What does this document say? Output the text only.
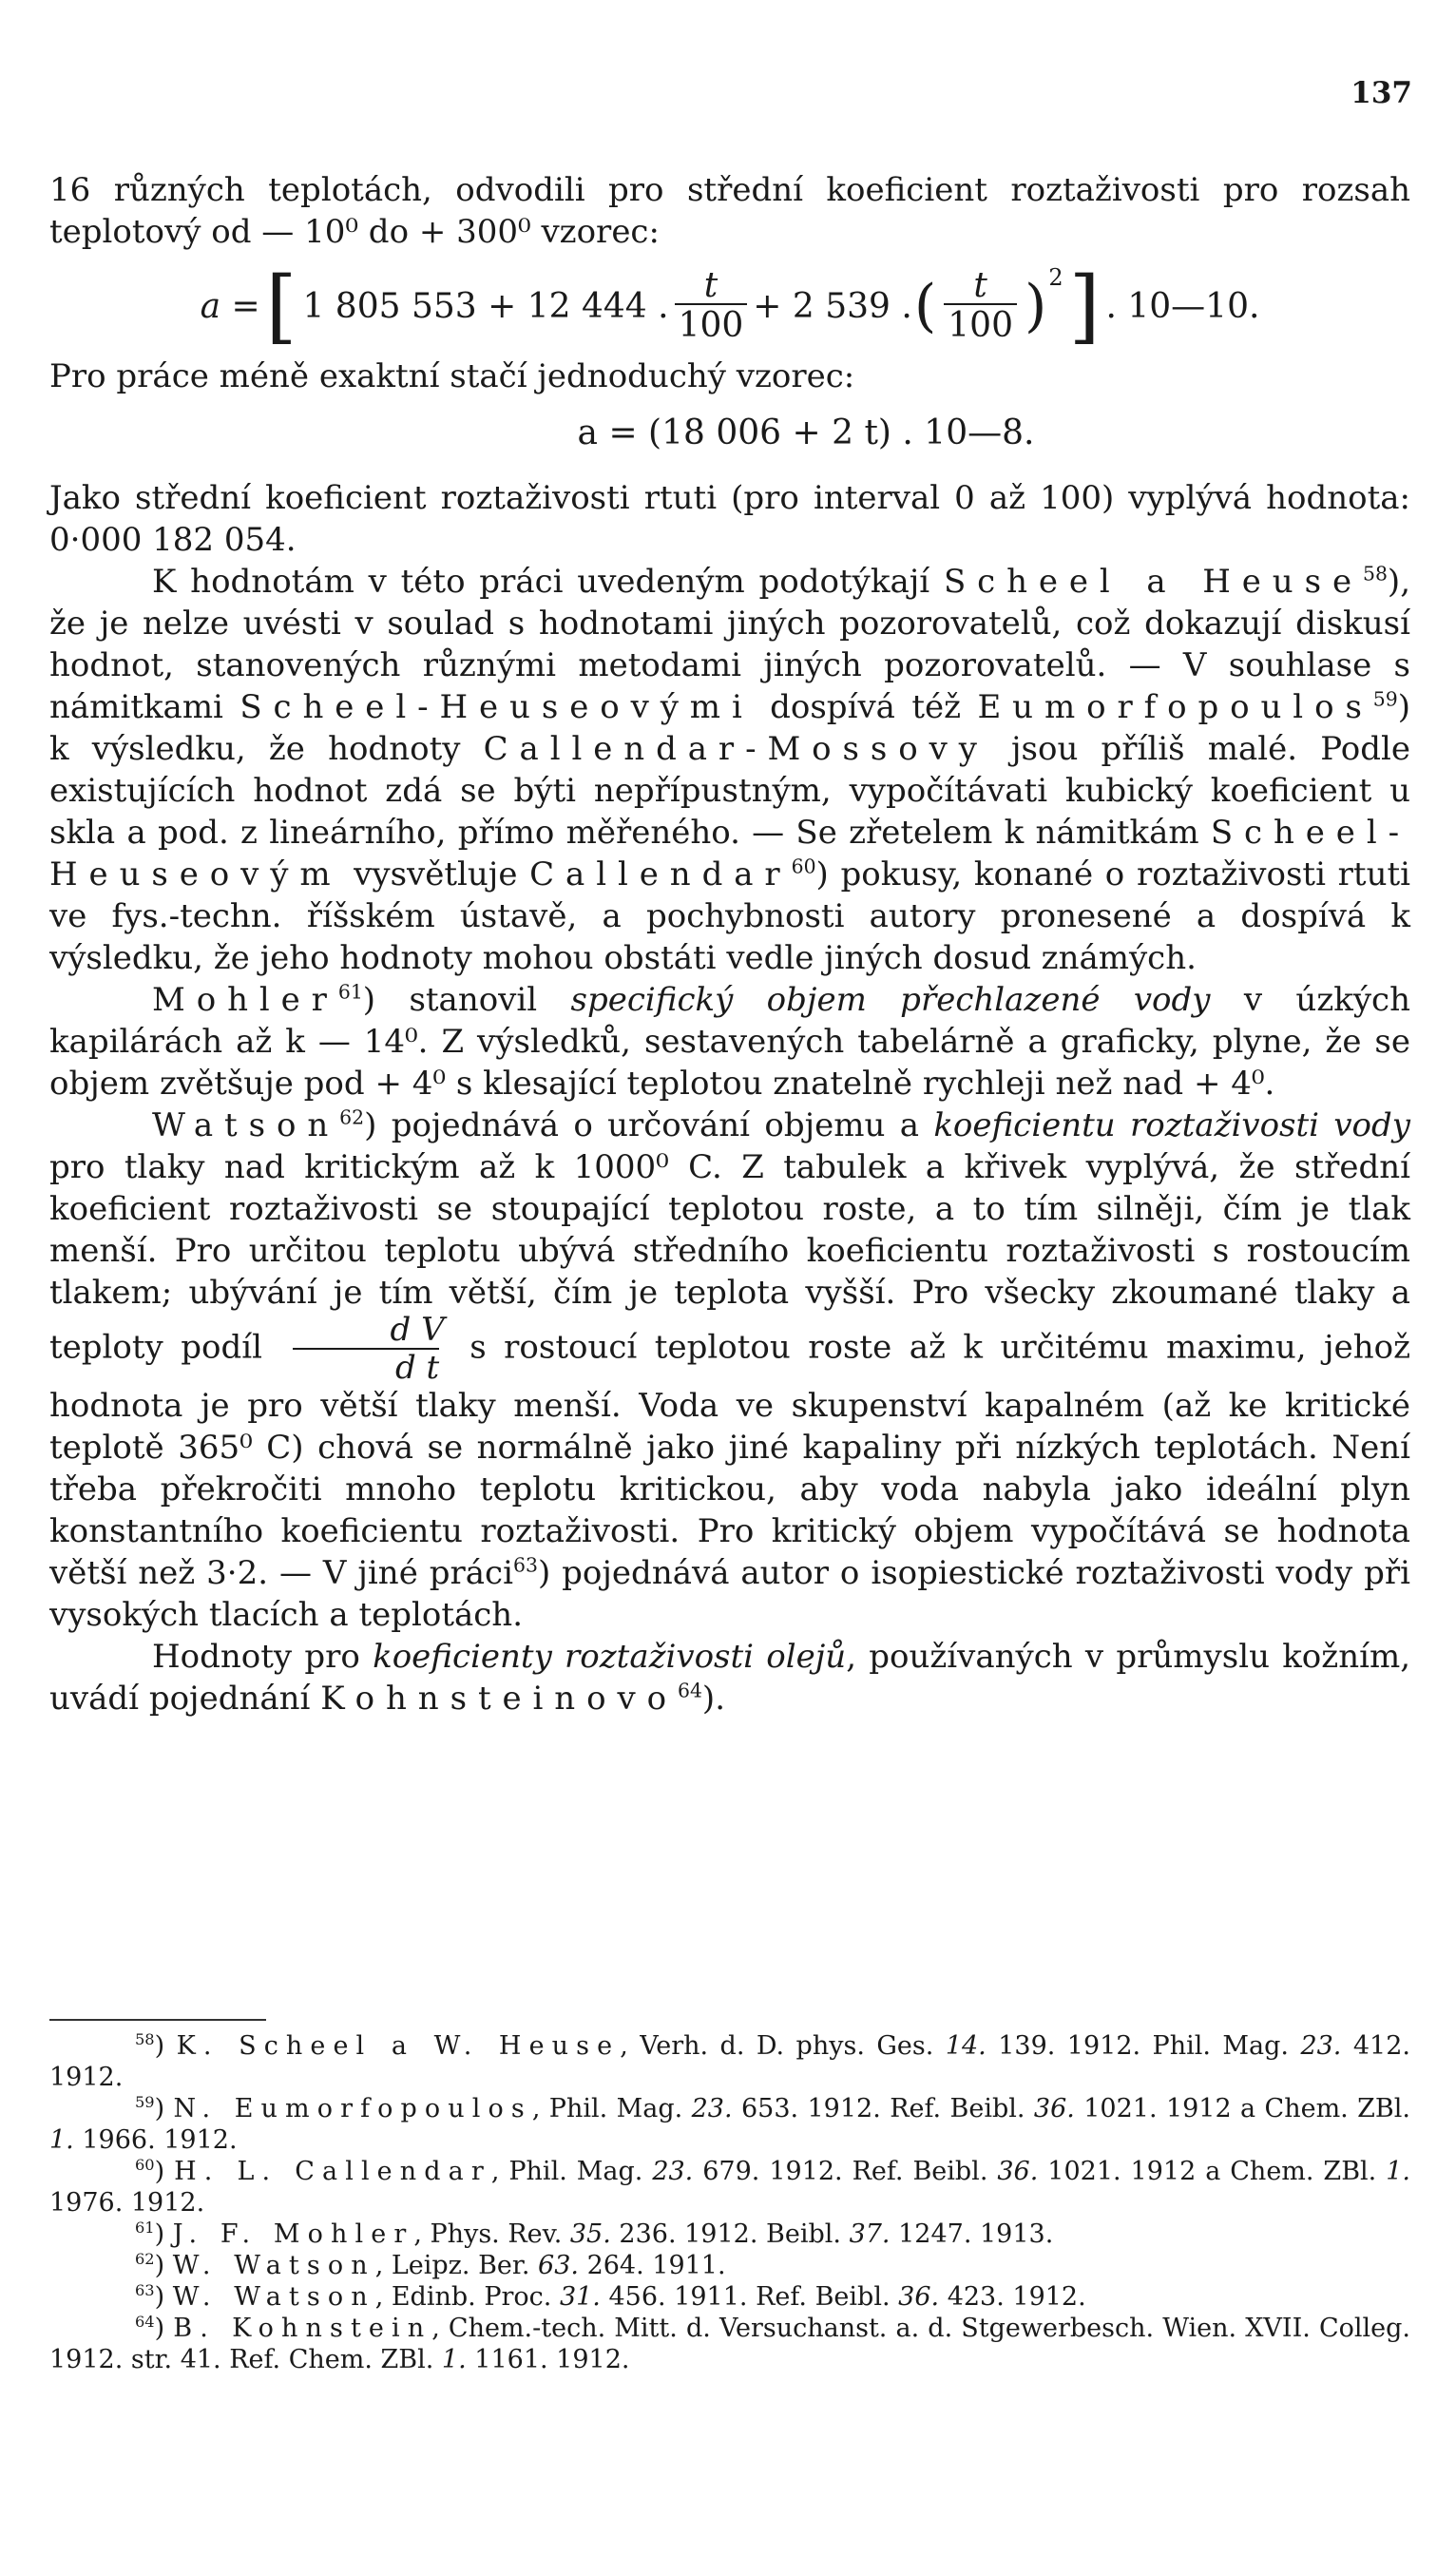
137

16 různých teplotách, odvodili pro střední koeficient roztaživosti pro rozsah teplotový od — 10⁰ do + 300⁰ vzorec:

a = [ 1 805 553 + 12 444 . $\frac{t}{100} + 2$ 539 . ( $\frac{t}{100} )^2$ ] . 10—10.

Pro práce méně exaktní stačí jednoduchý vzorec:

a = (18 006 + 2 t) . 10—8.

Jako střední koeficient roztaživosti rtuti (pro interval 0 až 100) vyplývá hodnota: 0·000 182 054.

K hodnotám v této práci uvedeným podotýkají Scheel a Heuse$^{58}$), že je nelze uvésti v soulad s hodnotami jiných pozorovatelů, což dokazují diskusí hodnot, stanovených různými metodami jiných pozorovatelů. — V souhlase s námitkami Scheel-Heuseovými dospívá též Eumorfopoulos$^{59}$) k výsledku, že hodnoty Callendar-Mossovy jsou příliš malé. Podle existujících hodnot zdá se býti nepřípustným, vypočítávati kubický koeficient u skla a pod. z lineárního, přímo měřeného. — Se zřetelem k námitkám Scheel-Heuseovým vysvětluje Callendar$^{60}$) pokusy, konané o roztaživosti rtuti ve fys.-techn. říšském ústavě, a pochybnosti autory pronesené a dospívá k výsledku, že jeho hodnoty mohou obstáti vedle jiných dosud známých.

Mohler$^{61}$) stanovil specifický objem přechlazené vody v úzkých kapilárách až k — 14⁰. Z výsledků, sestavených tabelárně a graficky, plyne, že se objem zvětšuje pod + 4⁰ s klesající teplotou znatelně rychleji než nad + 4⁰.

Watson$^{62}$) pojednává o určování objemu a koeficientu roztaživosti vody pro tlaky nad kritickým až k 1000⁰ C. Z tabulek a křivek vyplývá, že střední koeficient roztaživosti se stoupající teplotou roste, a to tím silněji, čím je tlak menší. Pro určitou teplotu ubývá středního koeficientu roztaživosti s rostoucím tlakem; ubývání je tím větší, čím je teplota vyšší. Pro všecky zkoumané tlaky a teploty podíl $\frac{\text{d V}}{\text{d t}}$ s rostoucí teplotou roste až k určitému maximu, jehož hodnota je pro větší tlaky menší. Voda ve skupenství kapalném (až ke kritické teplotě 365⁰ C) chová se normálně jako jiné kapaliny při nízkých teplotách. Není třeba překročiti mnoho teplotu kritickou, aby voda nabyla jako ideální plyn konstantního koeficientu roztaživosti. Pro kritický objem vypočítává se hodnota větší než 3·2. — V jiné práci$^{63}$) pojednává autor o isopiestické roztaživosti vody při vysokých tlacích a teplotách.

Hodnoty pro koeficienty roztaživosti olejů, používaných v průmyslu kožním, uvádí pojednání Kohnsteinovo$^{64}$).

$^{58}$) K. Scheel a W. Heuse, Verh. d. D. phys. Ges. 14. 139. 1912. Phil. Mag. 23. 412. 1912.

$^{59}$) N. Eumorfopoulos, Phil. Mag. 23. 653. 1912. Ref. Beibl. 36. 1021. 1912 a Chem. ZBl. 1. 1966. 1912.

$^{60}$) H. L. Callendar, Phil. Mag. 23. 679. 1912. Ref. Beibl. 36. 1021. 1912 a Chem. ZBl. 1. 1976. 1912.

$^{61}$) J. F. Mohler, Phys. Rev. 35. 236. 1912. Beibl. 37. 1247. 1913.

$^{62}$) W. Watson, Leipz. Ber. 63. 264. 1911.

$^{63}$) W. Watson, Edinb. Proc. 31. 456. 1911. Ref. Beibl. 36. 423. 1912.

$^{64}$) B. Kohnstein, Chem.-tech. Mitt. d. Versuchanst. a. d. Stgewerbesch. Wien. XVII. Colleg. 1912. str. 41. Ref. Chem. ZBl. 1. 1161. 1912.
